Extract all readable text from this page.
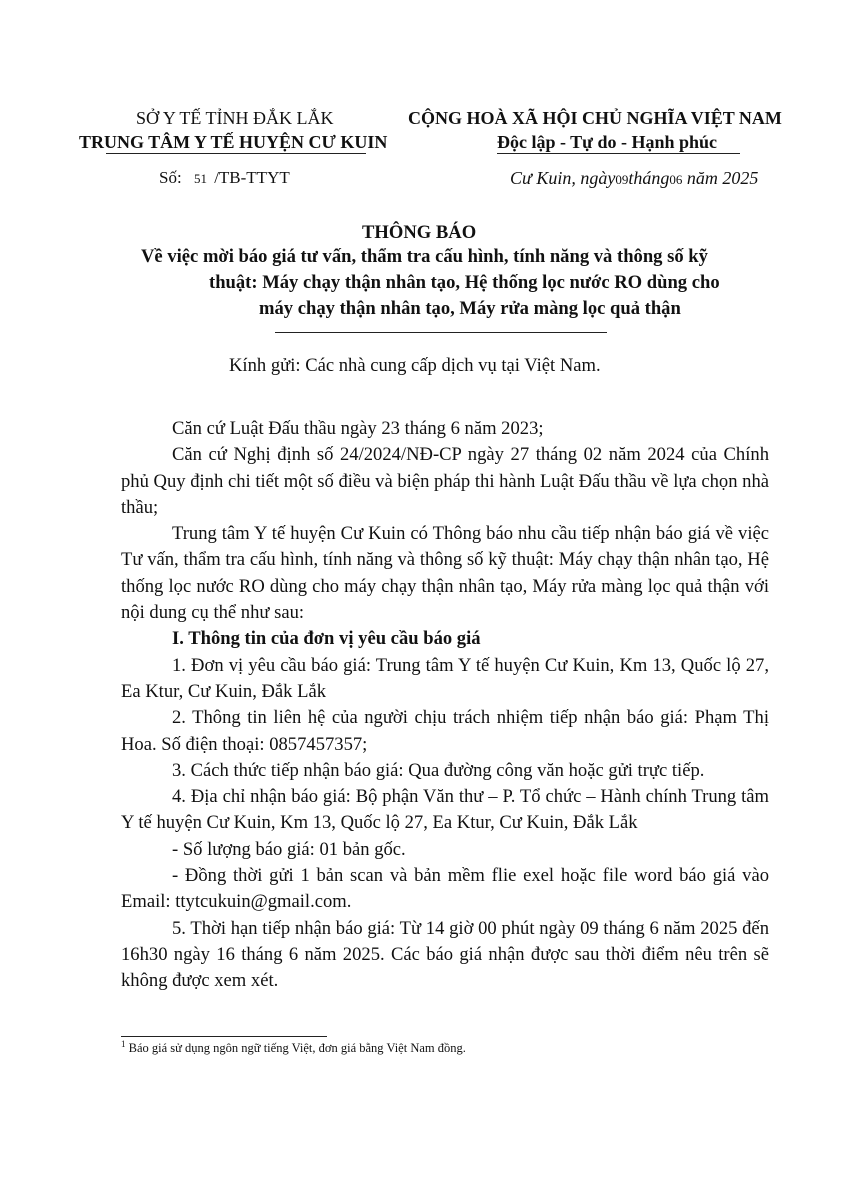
SỞ Y TẾ TỈNH ĐẮK LẮK
TRUNG TÂM Y TẾ HUYỆN CƯ KUIN
CỘNG HOÀ XÃ HỘI CHỦ NGHĨA VIỆT NAM
Độc lập - Tự do - Hạnh phúc
Số: 51 /TB-TTYT	Cư Kuin, ngày09tháng06 năm 2025
THÔNG BÁO
Về việc mời báo giá tư vấn, thẩm tra cấu hình, tính năng và thông số kỹ
thuật: Máy chạy thận nhân tạo, Hệ thống lọc nước RO dùng cho
máy chạy thận nhân tạo, Máy rửa màng lọc quả thận
Kính gửi: Các nhà cung cấp dịch vụ tại Việt Nam.

Căn cứ Luật Đấu thầu ngày 23 tháng 6 năm 2023;

Căn cứ Nghị định số 24/2024/NĐ-CP ngày 27 tháng 02 năm 2024 của Chính phủ Quy định chi tiết một số điều và biện pháp thi hành Luật Đấu thầu về lựa chọn nhà thầu;

Trung tâm Y tế huyện Cư Kuin có Thông báo nhu cầu tiếp nhận báo giá về việc Tư vấn, thẩm tra cấu hình, tính năng và thông số kỹ thuật: Máy chạy thận nhân tạo, Hệ thống lọc nước RO dùng cho máy chạy thận nhân tạo, Máy rửa màng lọc quả thận với nội dung cụ thể như sau:

I. Thông tin của đơn vị yêu cầu báo giá

1. Đơn vị yêu cầu báo giá: Trung tâm Y tế huyện Cư Kuin, Km 13, Quốc lộ 27, Ea Ktur, Cư Kuin, Đắk Lắk

2. Thông tin liên hệ của người chịu trách nhiệm tiếp nhận báo giá: Phạm Thị Hoa. Số điện thoại: 0857457357;

3. Cách thức tiếp nhận báo giá: Qua đường công văn hoặc gửi trực tiếp.

4. Địa chỉ nhận báo giá: Bộ phận Văn thư – P. Tổ chức – Hành chính Trung tâm Y tế huyện Cư Kuin, Km 13, Quốc lộ 27, Ea Ktur, Cư Kuin, Đắk Lắk

- Số lượng báo giá: 01 bản gốc.

- Đồng thời gửi 1 bản scan và bản mềm flie exel hoặc file word báo giá vào Email: ttytcukuin@gmail.com.

5. Thời hạn tiếp nhận báo giá: Từ 14 giờ 00 phút ngày 09 tháng 6 năm 2025 đến 16h30 ngày 16 tháng 6 năm 2025. Các báo giá nhận được sau thời điểm nêu trên sẽ không được xem xét.

$^1$ Báo giá sử dụng ngôn ngữ tiếng Việt, đơn giá bằng Việt Nam đồng.
